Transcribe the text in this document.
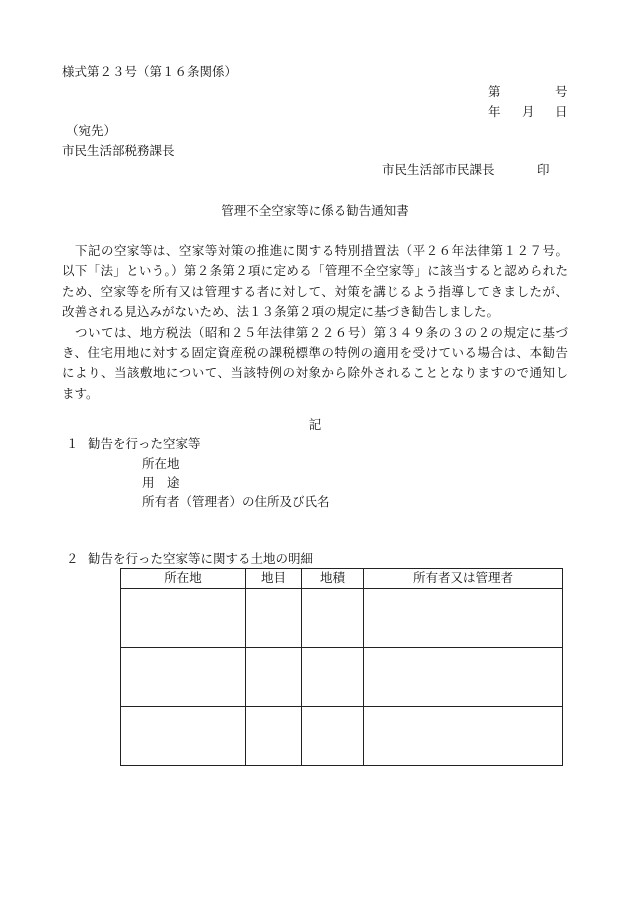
様式第２３号（第１６条関係）
第	号
年 月 日
（宛先）
市民生活部税務課長
市民生活部市民課長	印
管理不全空家等に係る勧告通知書
　下記の空家等は、空家等対策の推進に関する特別措置法（平２６年法律第１２７号。
以下「法」という。）第２条第２項に定める「管理不全空家等」に該当すると認められた
ため、空家等を所有又は管理する者に対して、対策を講じるよう指導してきましたが、
改善される見込みがないため、法１３条第２項の規定に基づき勧告しました。
　ついては、地方税法（昭和２５年法律第２２６号）第３４９条の３の２の規定に基づ
き、住宅用地に対する固定資産税の課税標準の特例の適用を受けている場合は、本勧告
により、当該敷地について、当該特例の対象から除外されることとなりますので通知し
ます。
記
１ 勧告を行った空家等
所在地
用　途
所有者（管理者）の住所及び氏名
２ 勧告を行った空家等に関する土地の明細
所在地	地目	地積	所有者又は管理者
